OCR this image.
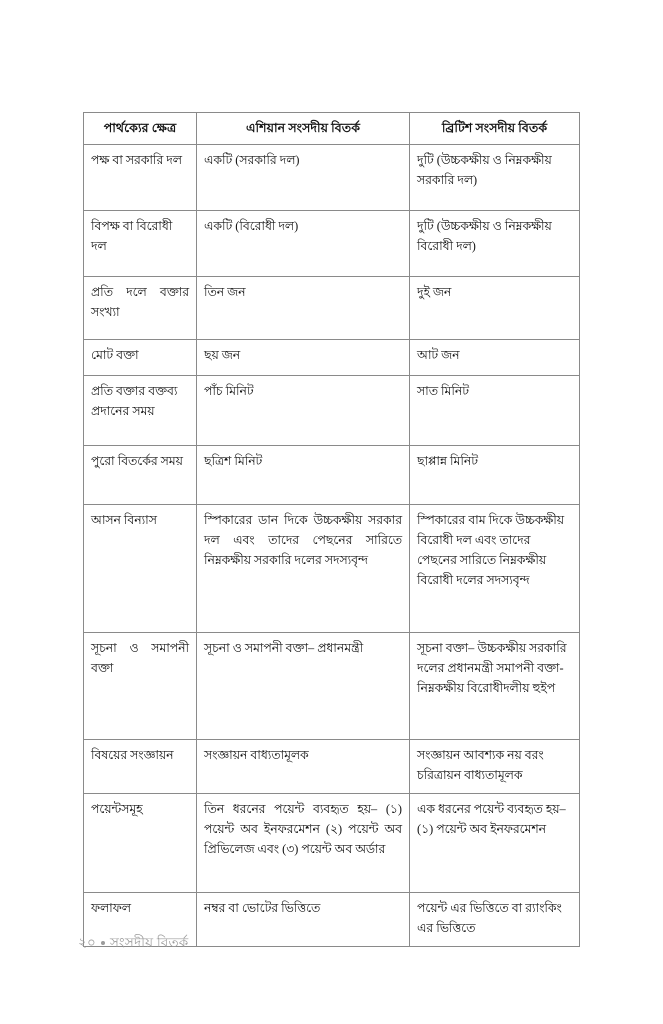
পার্থক্যের ক্ষেত্র	এশিয়ান সংসদীয় বিতর্ক	ব্রিটিশ সংসদীয় বিতর্ক
পক্ষ বা সরকারি দল	একটি (সরকারি দল)	দুটি (উচ্চকক্ষীয় ও নিম্নকক্ষীয় সরকারি দল)
বিপক্ষ বা বিরোধী দল	একটি (বিরোধী দল)	দুটি (উচ্চকক্ষীয় ও নিম্নকক্ষীয় বিরোধী দল)
প্রতি দলে বক্তার সংখ্যা	তিন জন	দুই জন
মোট বক্তা	ছয় জন	আট জন
প্রতি বক্তার বক্তব্য প্রদানের সময়	পাঁচ মিনিট	সাত মিনিট
পুরো বিতর্কের সময়	ছত্রিশ মিনিট	ছাপ্পান্ন মিনিট
আসন বিন্যাস	স্পিকারের ডান দিকে উচ্চকক্ষীয় সরকার দল এবং তাদের পেছনের সারিতে নিম্নকক্ষীয় সরকারি দলের সদস্যবৃন্দ	স্পিকারের বাম দিকে উচ্চকক্ষীয় বিরোধী দল এবং তাদের পেছনের সারিতে নিম্নকক্ষীয় বিরোধী দলের সদস্যবৃন্দ
সূচনা ও সমাপনী বক্তা	সূচনা ও সমাপনী বক্তা– প্রধানমন্ত্রী	সূচনা বক্তা– উচ্চকক্ষীয় সরকারি দলের প্রধানমন্ত্রী সমাপনী বক্তা-নিম্নকক্ষীয় বিরোধীদলীয় হুইপ
বিষয়ের সংজ্ঞায়ন	সংজ্ঞায়ন বাধ্যতামূলক	সংজ্ঞায়ন আবশ্যক নয় বরং চরিত্রায়ন বাধ্যতামূলক
পয়েন্টসমূহ	তিন ধরনের পয়েন্ট ব্যবহৃত হয়– (১) পয়েন্ট অব ইনফরমেশন (২) পয়েন্ট অব প্রিভিলেজ এবং (৩) পয়েন্ট অব অর্ডার	এক ধরনের পয়েন্ট ব্যবহৃত হয়– (১) পয়েন্ট অব ইনফরমেশন
ফলাফল	নম্বর বা ভোটের ভিত্তিতে	পয়েন্ট এর ভিত্তিতে বা র‍্যাংকিং এর ভিত্তিতে
২০ সংসদীয় বিতর্ক
